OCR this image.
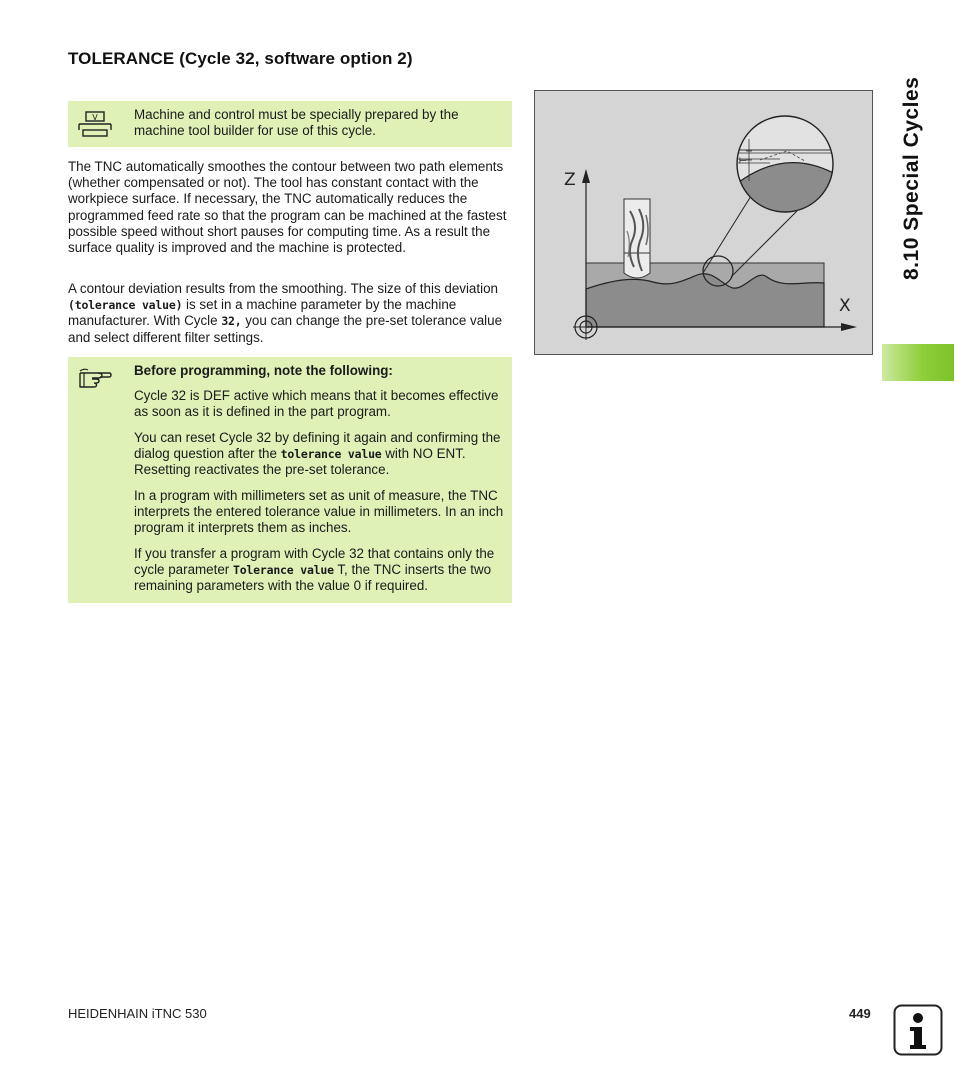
TOLERANCE (Cycle 32, software option 2)
V	Machine and control must be specially prepared by the machine tool builder for use of this cycle.

The TNC automatically smoothes the contour between two path elements (whether compensated or not). The tool has constant contact with the workpiece surface. If necessary, the TNC automatically reduces the programmed feed rate so that the program can be machined at the fastest possible speed without short pauses for computing time. As a result the surface quality is improved and the machine is protected.

A contour deviation results from the smoothing. The size of this deviation (tolerance value) is set in a machine parameter by the machine manufacturer. With Cycle 32, you can change the pre-set tolerance value and select different filter settings.

Before programming, note the following:

Cycle 32 is DEF active which means that it becomes effective as soon as it is defined in the part program.

You can reset Cycle 32 by defining it again and confirming the dialog question after the tolerance value with NO ENT. Resetting reactivates the pre-set tolerance.

In a program with millimeters set as unit of measure, the TNC interprets the entered tolerance value in millimeters. In an inch program it interprets them as inches.

If you transfer a program with Cycle 32 that contains only the cycle parameter Tolerance value T, the TNC inserts the two remaining parameters with the value 0 if required.

T
Z
X
8.10 Special Cycles
HEIDENHAIN iTNC 530	449
